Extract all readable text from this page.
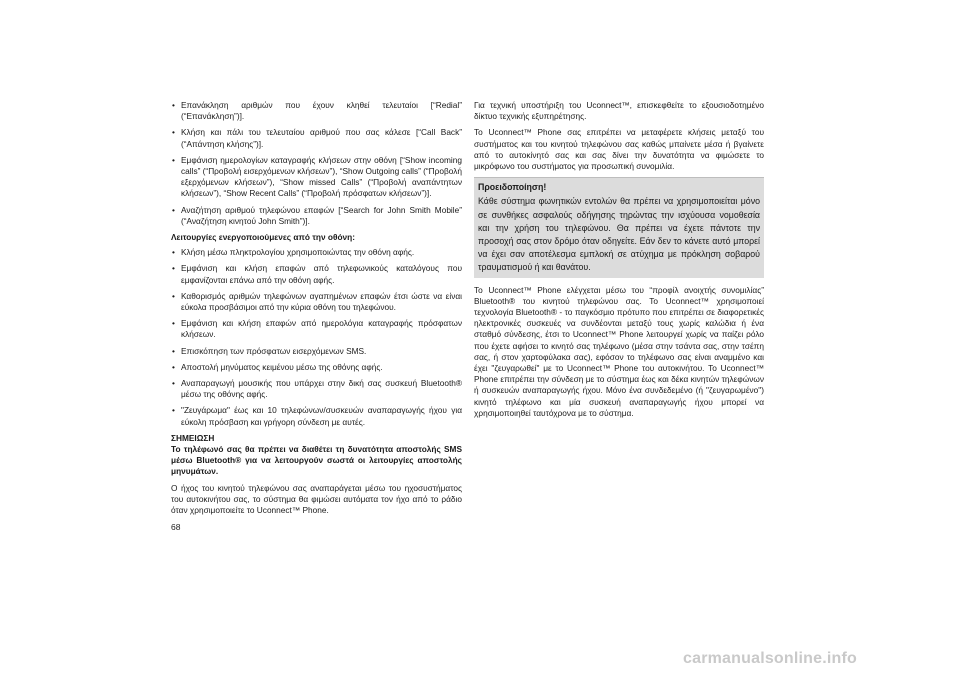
• Επανάκληση αριθμών που έχουν κληθεί τελευταίοι [“Redial” (“Επανάκληση”)].
• Κλήση και πάλι του τελευταίου αριθμού που σας κάλεσε [“Call Back” (“Απάντηση κλήσης”)].
• Εμφάνιση ημερολογίων καταγραφής κλήσεων στην οθόνη [“Show incoming calls” (“Προβολή εισερχόμενων κλήσεων”), “Show Outgoing calls” (“Προβολή εξερχόμενων κλήσεων”), “Show missed Calls” (“Προβολή αναπάντητων κλήσεων”), “Show Recent Calls” (“Προβολή πρόσφατων κλήσεων”)].
• Αναζήτηση αριθμού τηλεφώνου επαφών [“Search for John Smith Mobile” (“Αναζήτηση κινητού John Smith”)].

Λειτουργίες ενεργοποιούμενες από την οθόνη:

• Κλήση μέσω πληκτρολογίου χρησιμοποιώντας την οθόνη αφής.
• Εμφάνιση και κλήση επαφών από τηλεφωνικούς καταλόγους που εμφανίζονται επάνω από την οθόνη αφής.
• Καθορισμός αριθμών τηλεφώνων αγαπημένων επαφών έτσι ώστε να είναι εύκολα προσβάσιμοι από την κύρια οθόνη του τηλεφώνου.
• Εμφάνιση και κλήση επαφών από ημερολόγια καταγραφής πρόσφατων κλήσεων.
• Επισκόπηση των πρόσφατων εισερχόμενων SMS.
• Αποστολή μηνύματος κειμένου μέσω της οθόνης αφής.
• Αναπαραγωγή μουσικής που υπάρχει στην δική σας συσκευή Bluetooth® μέσω της οθόνης αφής.
• "Ζευγάρωμα" έως και 10 τηλεφώνων/συσκευών αναπαραγωγής ήχου για εύκολη πρόσβαση και γρήγορη σύνδεση με αυτές.

ΣΗΜΕΙΩΣΗ

Το τηλέφωνό σας θα πρέπει να διαθέτει τη δυνατότητα αποστολής SMS μέσω Bluetooth® για να λειτουργούν σωστά οι λειτουργίες αποστολής μηνυμάτων.

Ο ήχος του κινητού τηλεφώνου σας αναπαράγεται μέσω του ηχοσυστήματος του αυτοκινήτου σας, το σύστημα θα φιμώσει αυτόματα τον ήχο από το ράδιο όταν χρησιμοποιείτε το Uconnect™ Phone.

Για τεχνική υποστήριξη του Uconnect™, επισκεφθείτε το εξουσιοδοτημένο δίκτυο τεχνικής εξυπηρέτησης.

Το Uconnect™ Phone σας επιτρέπει να μεταφέρετε κλήσεις μεταξύ του συστήματος και του κινητού τηλεφώνου σας καθώς μπαίνετε μέσα ή βγαίνετε από το αυτοκίνητό σας και σας δίνει την δυνατότητα να φιμώσετε το μικρόφωνο του συστήματος για προσωπική συνομιλία.

Προειδοποίηση!

Κάθε σύστημα φωνητικών εντολών θα πρέπει να χρησιμοποιείται μόνο σε συνθήκες ασφαλούς οδήγησης τηρώντας την ισχύουσα νομοθεσία και την χρήση του τηλεφώνου. Θα πρέπει να έχετε πάντοτε την προσοχή σας στον δρόμο όταν οδηγείτε. Εάν δεν το κάνετε αυτό μπορεί να έχει σαν αποτέλεσμα εμπλοκή σε ατύχημα με πρόκληση σοβαρού τραυματισμού ή και θανάτου.

Το Uconnect™ Phone ελέγχεται μέσω του “προφίλ ανοιχτής συνομιλίας” Bluetooth® του κινητού τηλεφώνου σας. Το Uconnect™ χρησιμοποιεί τεχνολογία Bluetooth® - το παγκόσμιο πρότυπο που επιτρέπει σε διαφορετικές ηλεκτρονικές συσκευές να συνδέονται μεταξύ τους χωρίς καλώδια ή ένα σταθμό σύνδεσης, έτσι το Uconnect™ Phone λειτουργεί χωρίς να παίζει ρόλο που έχετε αφήσει το κινητό σας τηλέφωνο (μέσα στην τσάντα σας, στην τσέπη σας, ή στον χαρτοφύλακα σας), εφόσον το τηλέφωνο σας είναι αναμμένο και έχει "ζευγαρωθεί" με το Uconnect™ Phone του αυτοκινήτου. Το Uconnect™ Phone επιτρέπει την σύνδεση με το σύστημα έως και δέκα κινητών τηλεφώνων ή συσκευών αναπαραγωγής ήχου. Μόνο ένα συνδεδεμένο (ή "ζευγαρωμένο") κινητό τηλέφωνο και μία συσκευή αναπαραγωγής ήχου μπορεί να χρησιμοποιηθεί ταυτόχρονα με το σύστημα.

68
carmanualsonline.info
